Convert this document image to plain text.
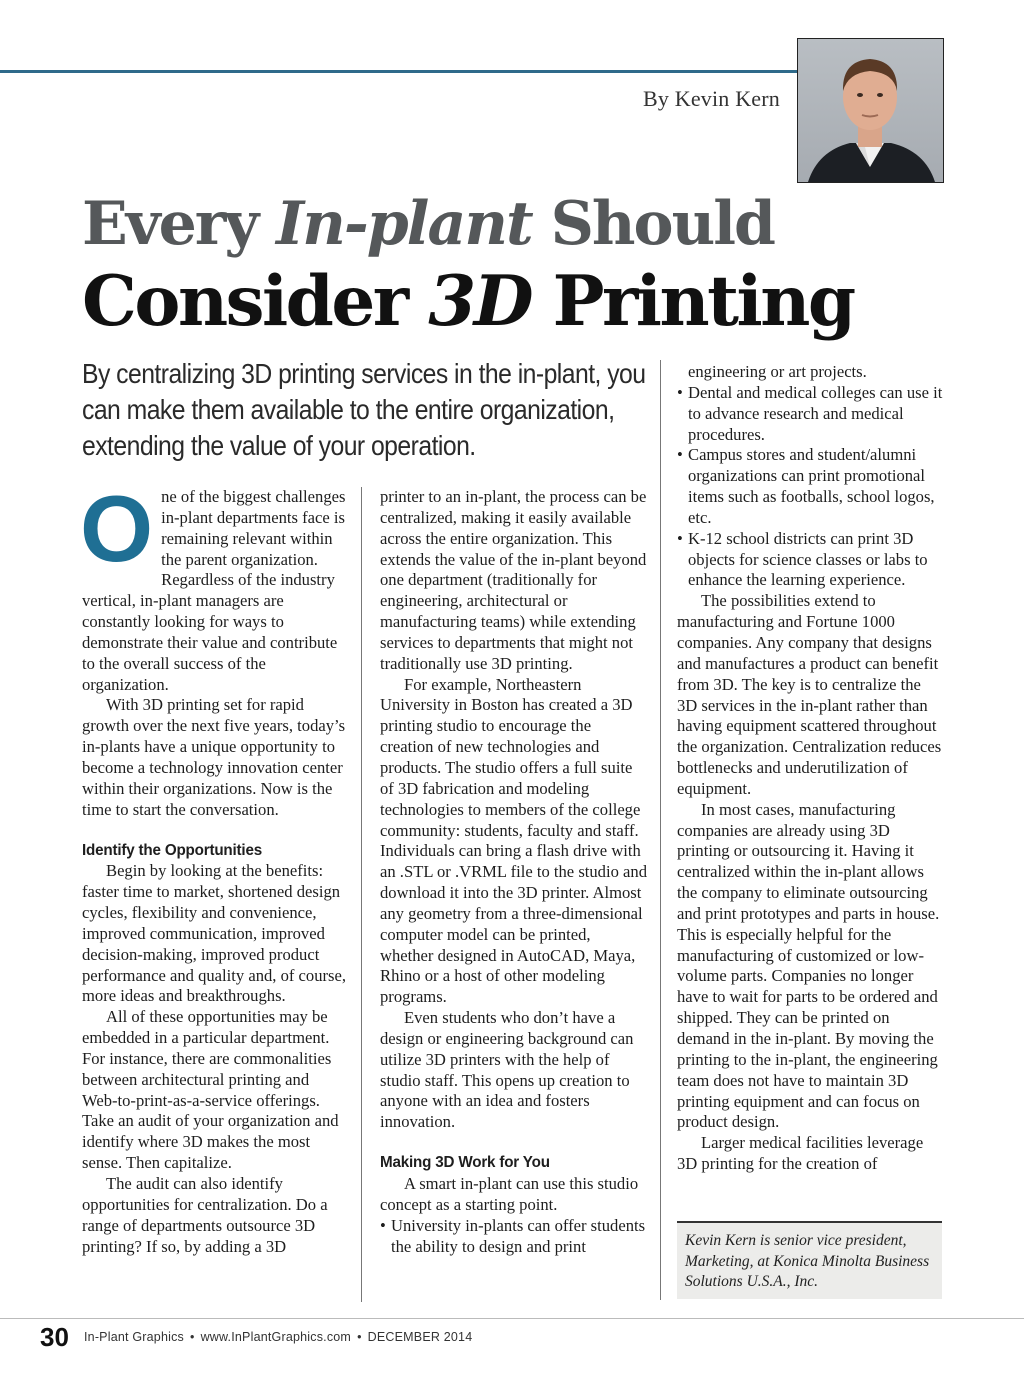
By Kevin Kern
Every In-plant Should
Consider 3D Printing
By centralizing 3D printing services in the in-plant, you can make them available to the entire organization, extending the value of your operation.

One of the biggest challenges in-plant departments face is remaining relevant within the parent organization. Regardless of the industry vertical, in-plant managers are constantly looking for ways to demonstrate their value and contribute to the overall success of the organization.

With 3D printing set for rapid growth over the next five years, today’s in-plants have a unique opportunity to become a technology innovation center within their organizations. Now is the time to start the conversation.

Identify the Opportunities

Begin by looking at the benefits: faster time to market, shortened design cycles, flexibility and convenience, improved communication, improved decision-making, improved product performance and quality and, of course, more ideas and breakthroughs.

All of these opportunities may be embedded in a particular department. For instance, there are commonalities between architectural printing and Web-to-print-as-a-service offerings. Take an audit of your organization and identify where 3D makes the most sense. Then capitalize.

The audit can also identify opportunities for centralization. Do a range of departments outsource 3D printing? If so, by adding a 3D

printer to an in-plant, the process can be centralized, making it easily available across the entire organization. This extends the value of the in-plant beyond one department (traditionally for engineering, architectural or manufacturing teams) while extending services to departments that might not traditionally use 3D printing.

For example, Northeastern University in Boston has created a 3D printing studio to encourage the creation of new technologies and products. The studio offers a full suite of 3D fabrication and modeling technologies to members of the college community: students, faculty and staff. Individuals can bring a flash drive with an .STL or .VRML file to the studio and download it into the 3D printer. Almost any geometry from a three-dimensional computer model can be printed, whether designed in AutoCAD, Maya, Rhino or a host of other modeling programs.

Even students who don’t have a design or engineering background can utilize 3D printers with the help of studio staff. This opens up creation to anyone with an idea and fosters innovation.

Making 3D Work for You

A smart in-plant can use this studio concept as a starting point.

• University in-plants can offer students the ability to design and print

engineering or art projects.

• Dental and medical colleges can use it to advance research and medical procedures.
• Campus stores and student/alumni organizations can print promotional items such as footballs, school logos, etc.
• K-12 school districts can print 3D objects for science classes or labs to enhance the learning experience.

The possibilities extend to manufacturing and Fortune 1000 companies. Any company that designs and manufactures a product can benefit from 3D. The key is to centralize the 3D services in the in-plant rather than having equipment scattered throughout the organization. Centralization reduces bottlenecks and underutilization of equipment.

In most cases, manufacturing companies are already using 3D printing or outsourcing it. Having it centralized within the in-plant allows the company to eliminate outsourcing and print prototypes and parts in house. This is especially helpful for the manufacturing of customized or low-volume parts. Companies no longer have to wait for parts to be ordered and shipped. They can be printed on demand in the in-plant. By moving the printing to the in-plant, the engineering team does not have to maintain 3D printing equipment and can focus on product design.

Larger medical facilities leverage 3D printing for the creation of

Kevin Kern is senior vice president, Marketing, at Konica Minolta Business Solutions U.S.A., Inc.
30 In-Plant Graphics • www.InPlantGraphics.com • DECEMBER 2014
